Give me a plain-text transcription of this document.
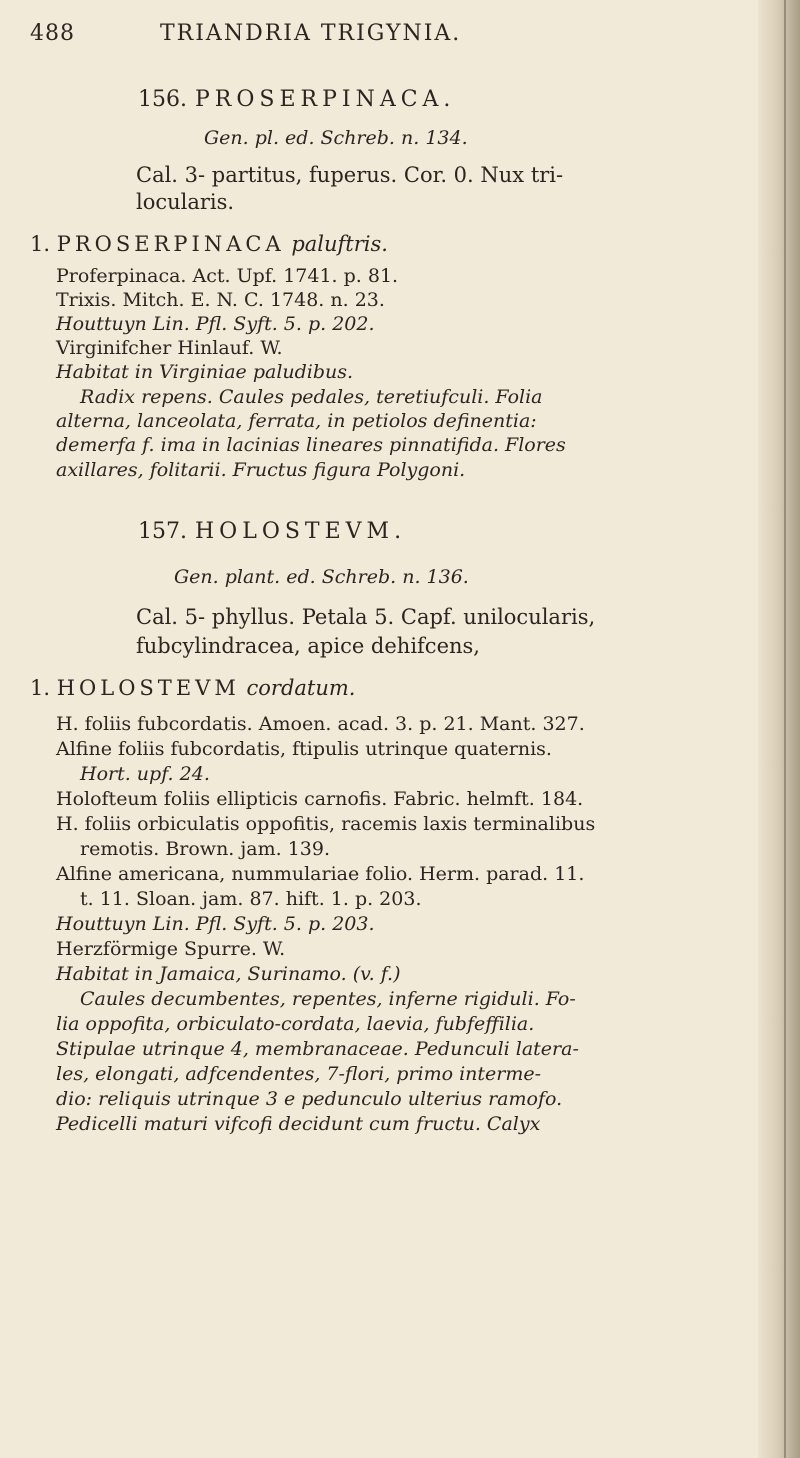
488	TRIANDRIA TRIGYNIA.
156. PROSERPINACA.
Gen. pl. ed. Schreb. n. 134.
Cal. 3- partitus, fuperus. Cor. 0. Nux tri-
locularis.
1. PROSERPINACA paluftris.
Proferpinaca. Act. Upf. 1741. p. 81.
Trixis. Mitch. E. N. C. 1748. n. 23.
Houttuyn Lin. Pfl. Syft. 5. p. 202.
Virginifcher Hinlauf. W.
Habitat in Virginiae paludibus.
Radix repens. Caules pedales, teretiufculi. Folia
alterna, lanceolata, ferrata, in petiolos definentia:
demerfa f. ima in lacinias lineares pinnatifida. Flores
axillares, folitarii. Fructus figura Polygoni.
157. HOLOSTEVM.
Gen. plant. ed. Schreb. n. 136.
Cal. 5- phyllus. Petala 5. Capf. unilocularis,
fubcylindracea, apice dehifcens,
1. HOLOSTEVM cordatum.
H. foliis fubcordatis. Amoen. acad. 3. p. 21. Mant. 327.
Alfine foliis fubcordatis, ftipulis utrinque quaternis.
Hort. upf. 24.
Holofteum foliis ellipticis carnofis. Fabric. helmft. 184.
H. foliis orbiculatis oppofitis, racemis laxis terminalibus
remotis. Brown. jam. 139.
Alfine americana, nummulariae folio. Herm. parad. 11.
t. 11. Sloan. jam. 87. hift. 1. p. 203.
Houttuyn Lin. Pfl. Syft. 5. p. 203.
Herzförmige Spurre. W.
Habitat in Jamaica, Surinamo. (v. f.)
Caules decumbentes, repentes, inferne rigiduli. Fo-
lia oppofita, orbiculato-cordata, laevia, fubfeffilia.
Stipulae utrinque 4, membranaceae. Pedunculi latera-
les, elongati, adfcendentes, 7-flori, primo interme-
dio: reliquis utrinque 3 e pedunculo ulterius ramofo.
Pedicelli maturi vifcofi decidunt cum fructu. Calyx
